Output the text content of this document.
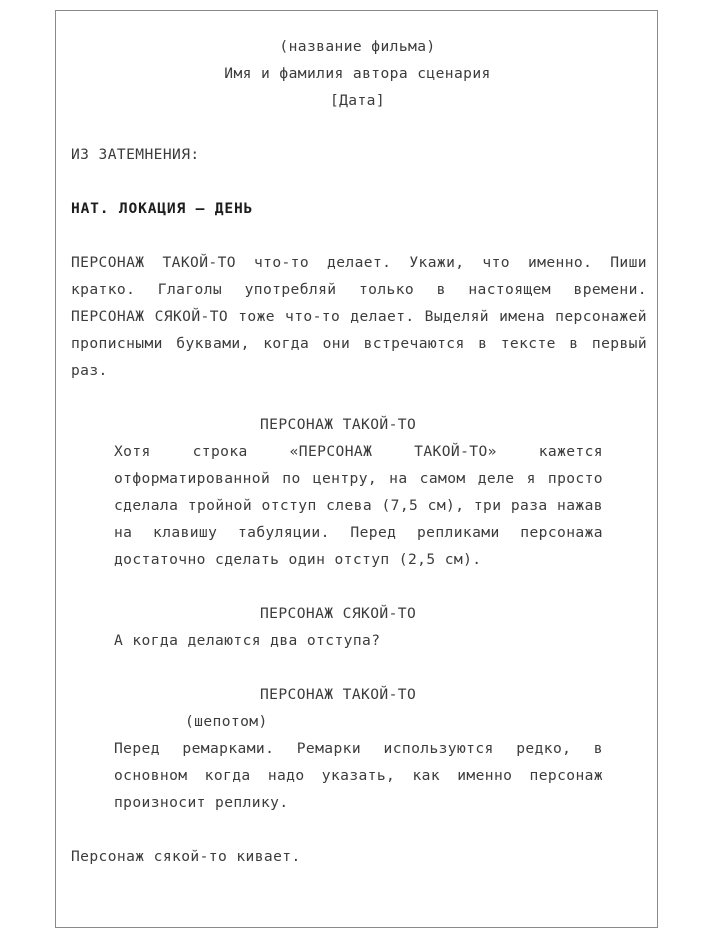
(название фильма)
Имя и фамилия автора сценария
[Дата]
ИЗ ЗАТЕМНЕНИЯ:
НАТ. ЛОКАЦИЯ — ДЕНЬ
ПЕРСОНАЖ ТАКОЙ-ТО что-то делает. Укажи, что именно. Пиши кратко. Глаголы употребляй только в настоящем времени. ПЕРСОНАЖ СЯКОЙ-ТО тоже что-то делает. Выделяй имена персонажей прописными буквами, когда они встречаются в тексте в первый раз.
ПЕРСОНАЖ ТАКОЙ-ТО
Хотя строка «ПЕРСОНАЖ ТАКОЙ-ТО» кажется отформатированной по центру, на самом деле я просто сделала тройной отступ слева (7,5 см), три раза нажав на клавишу табуляции. Перед репликами персонажа достаточно сделать один отступ (2,5 см).
ПЕРСОНАЖ СЯКОЙ-ТО
А когда делаются два отступа?
ПЕРСОНАЖ ТАКОЙ-ТО
(шепотом)
Перед ремарками. Ремарки используются редко, в основном когда надо указать, как именно персонаж произносит реплику.
Персонаж сякой-то кивает.
